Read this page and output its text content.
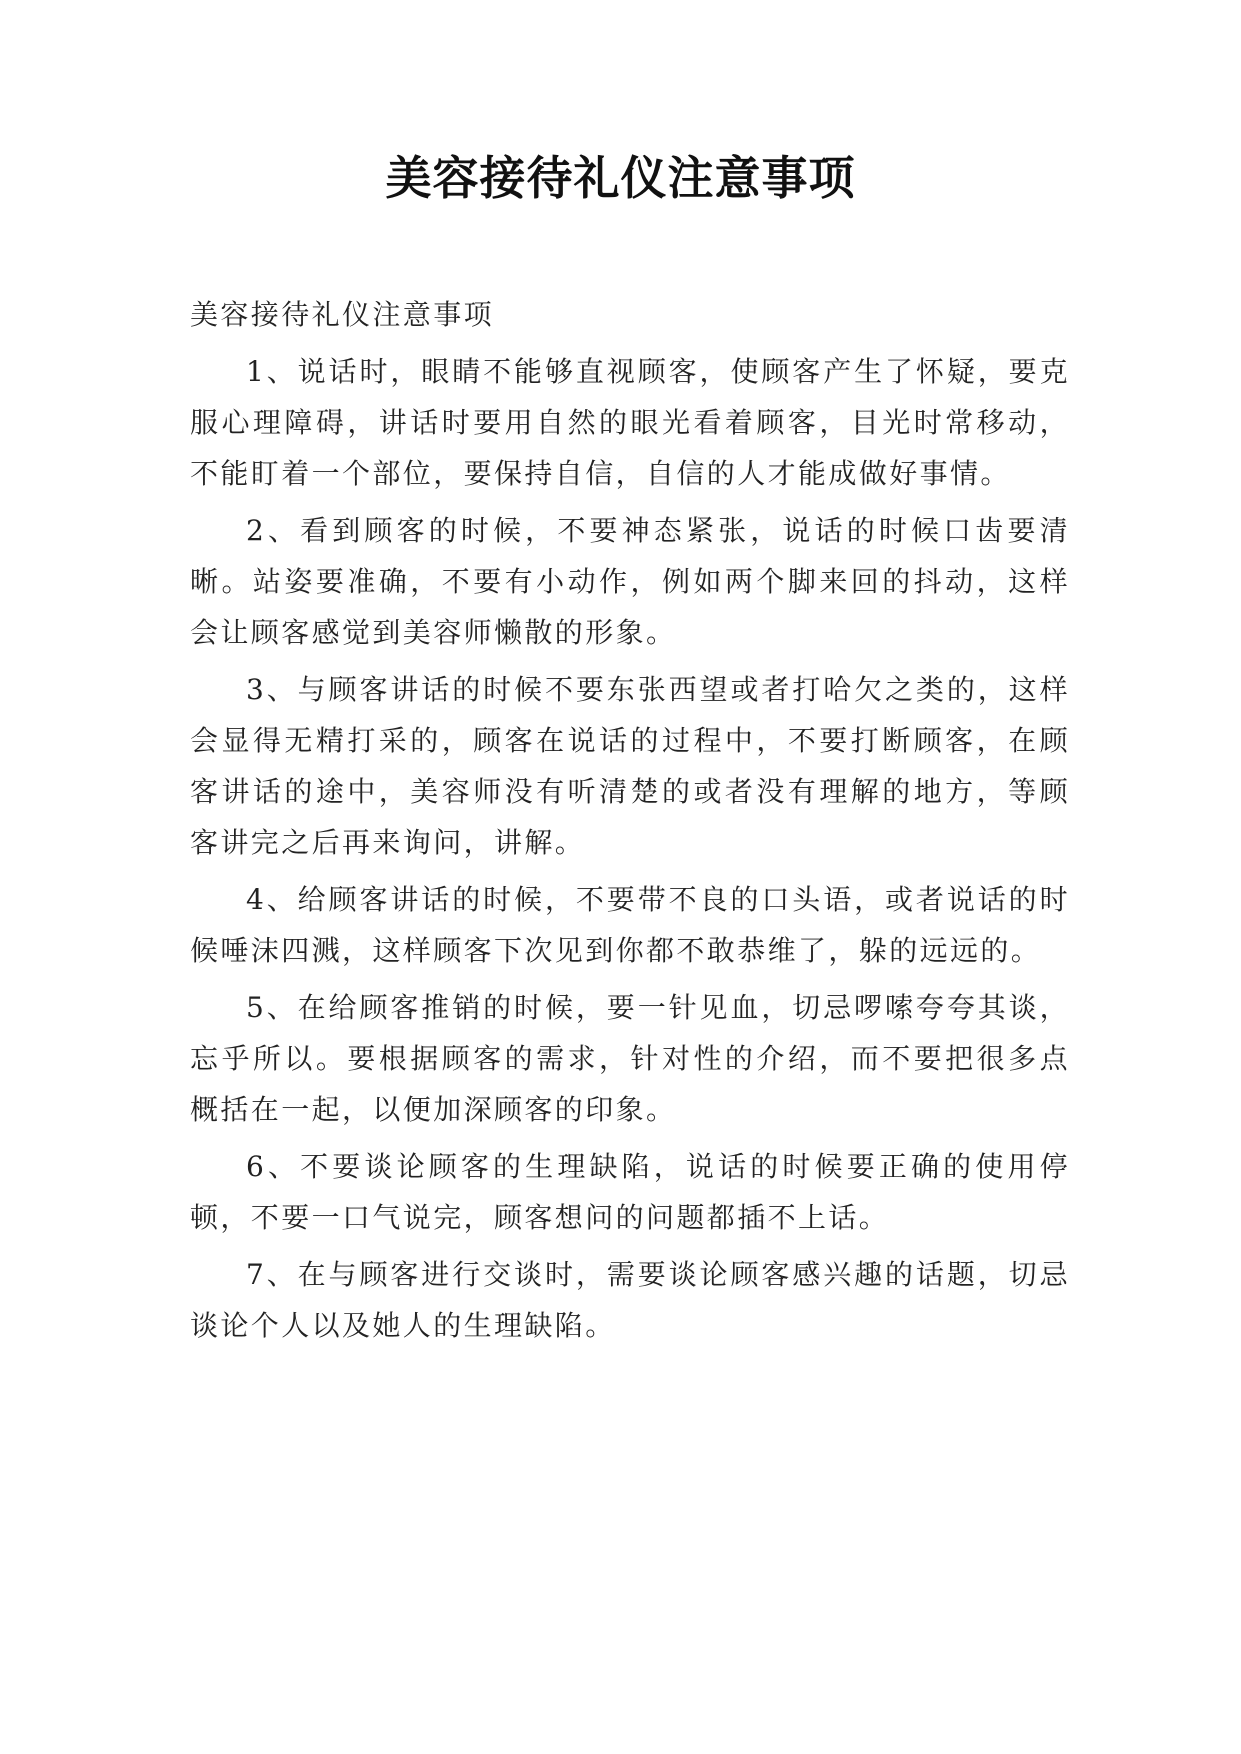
美容接待礼仪注意事项

美容接待礼仪注意事项

1、说话时，眼睛不能够直视顾客，使顾客产生了怀疑，要克服心理障碍，讲话时要用自然的眼光看着顾客，目光时常移动，不能盯着一个部位，要保持自信，自信的人才能成做好事情。

2、看到顾客的时候，不要神态紧张，说话的时候口齿要清晰。站姿要准确，不要有小动作，例如两个脚来回的抖动，这样会让顾客感觉到美容师懒散的形象。

3、与顾客讲话的时候不要东张西望或者打哈欠之类的，这样会显得无精打采的，顾客在说话的过程中，不要打断顾客，在顾客讲话的途中，美容师没有听清楚的或者没有理解的地方，等顾客讲完之后再来询问，讲解。

4、给顾客讲话的时候，不要带不良的口头语，或者说话的时候唾沫四溅，这样顾客下次见到你都不敢恭维了，躲的远远的。

5、在给顾客推销的时候，要一针见血，切忌啰嗦夸夸其谈，忘乎所以。要根据顾客的需求，针对性的介绍，而不要把很多点概括在一起，以便加深顾客的印象。

6、不要谈论顾客的生理缺陷，说话的时候要正确的使用停顿，不要一口气说完，顾客想问的问题都插不上话。

7、在与顾客进行交谈时，需要谈论顾客感兴趣的话题，切忌谈论个人以及她人的生理缺陷。
